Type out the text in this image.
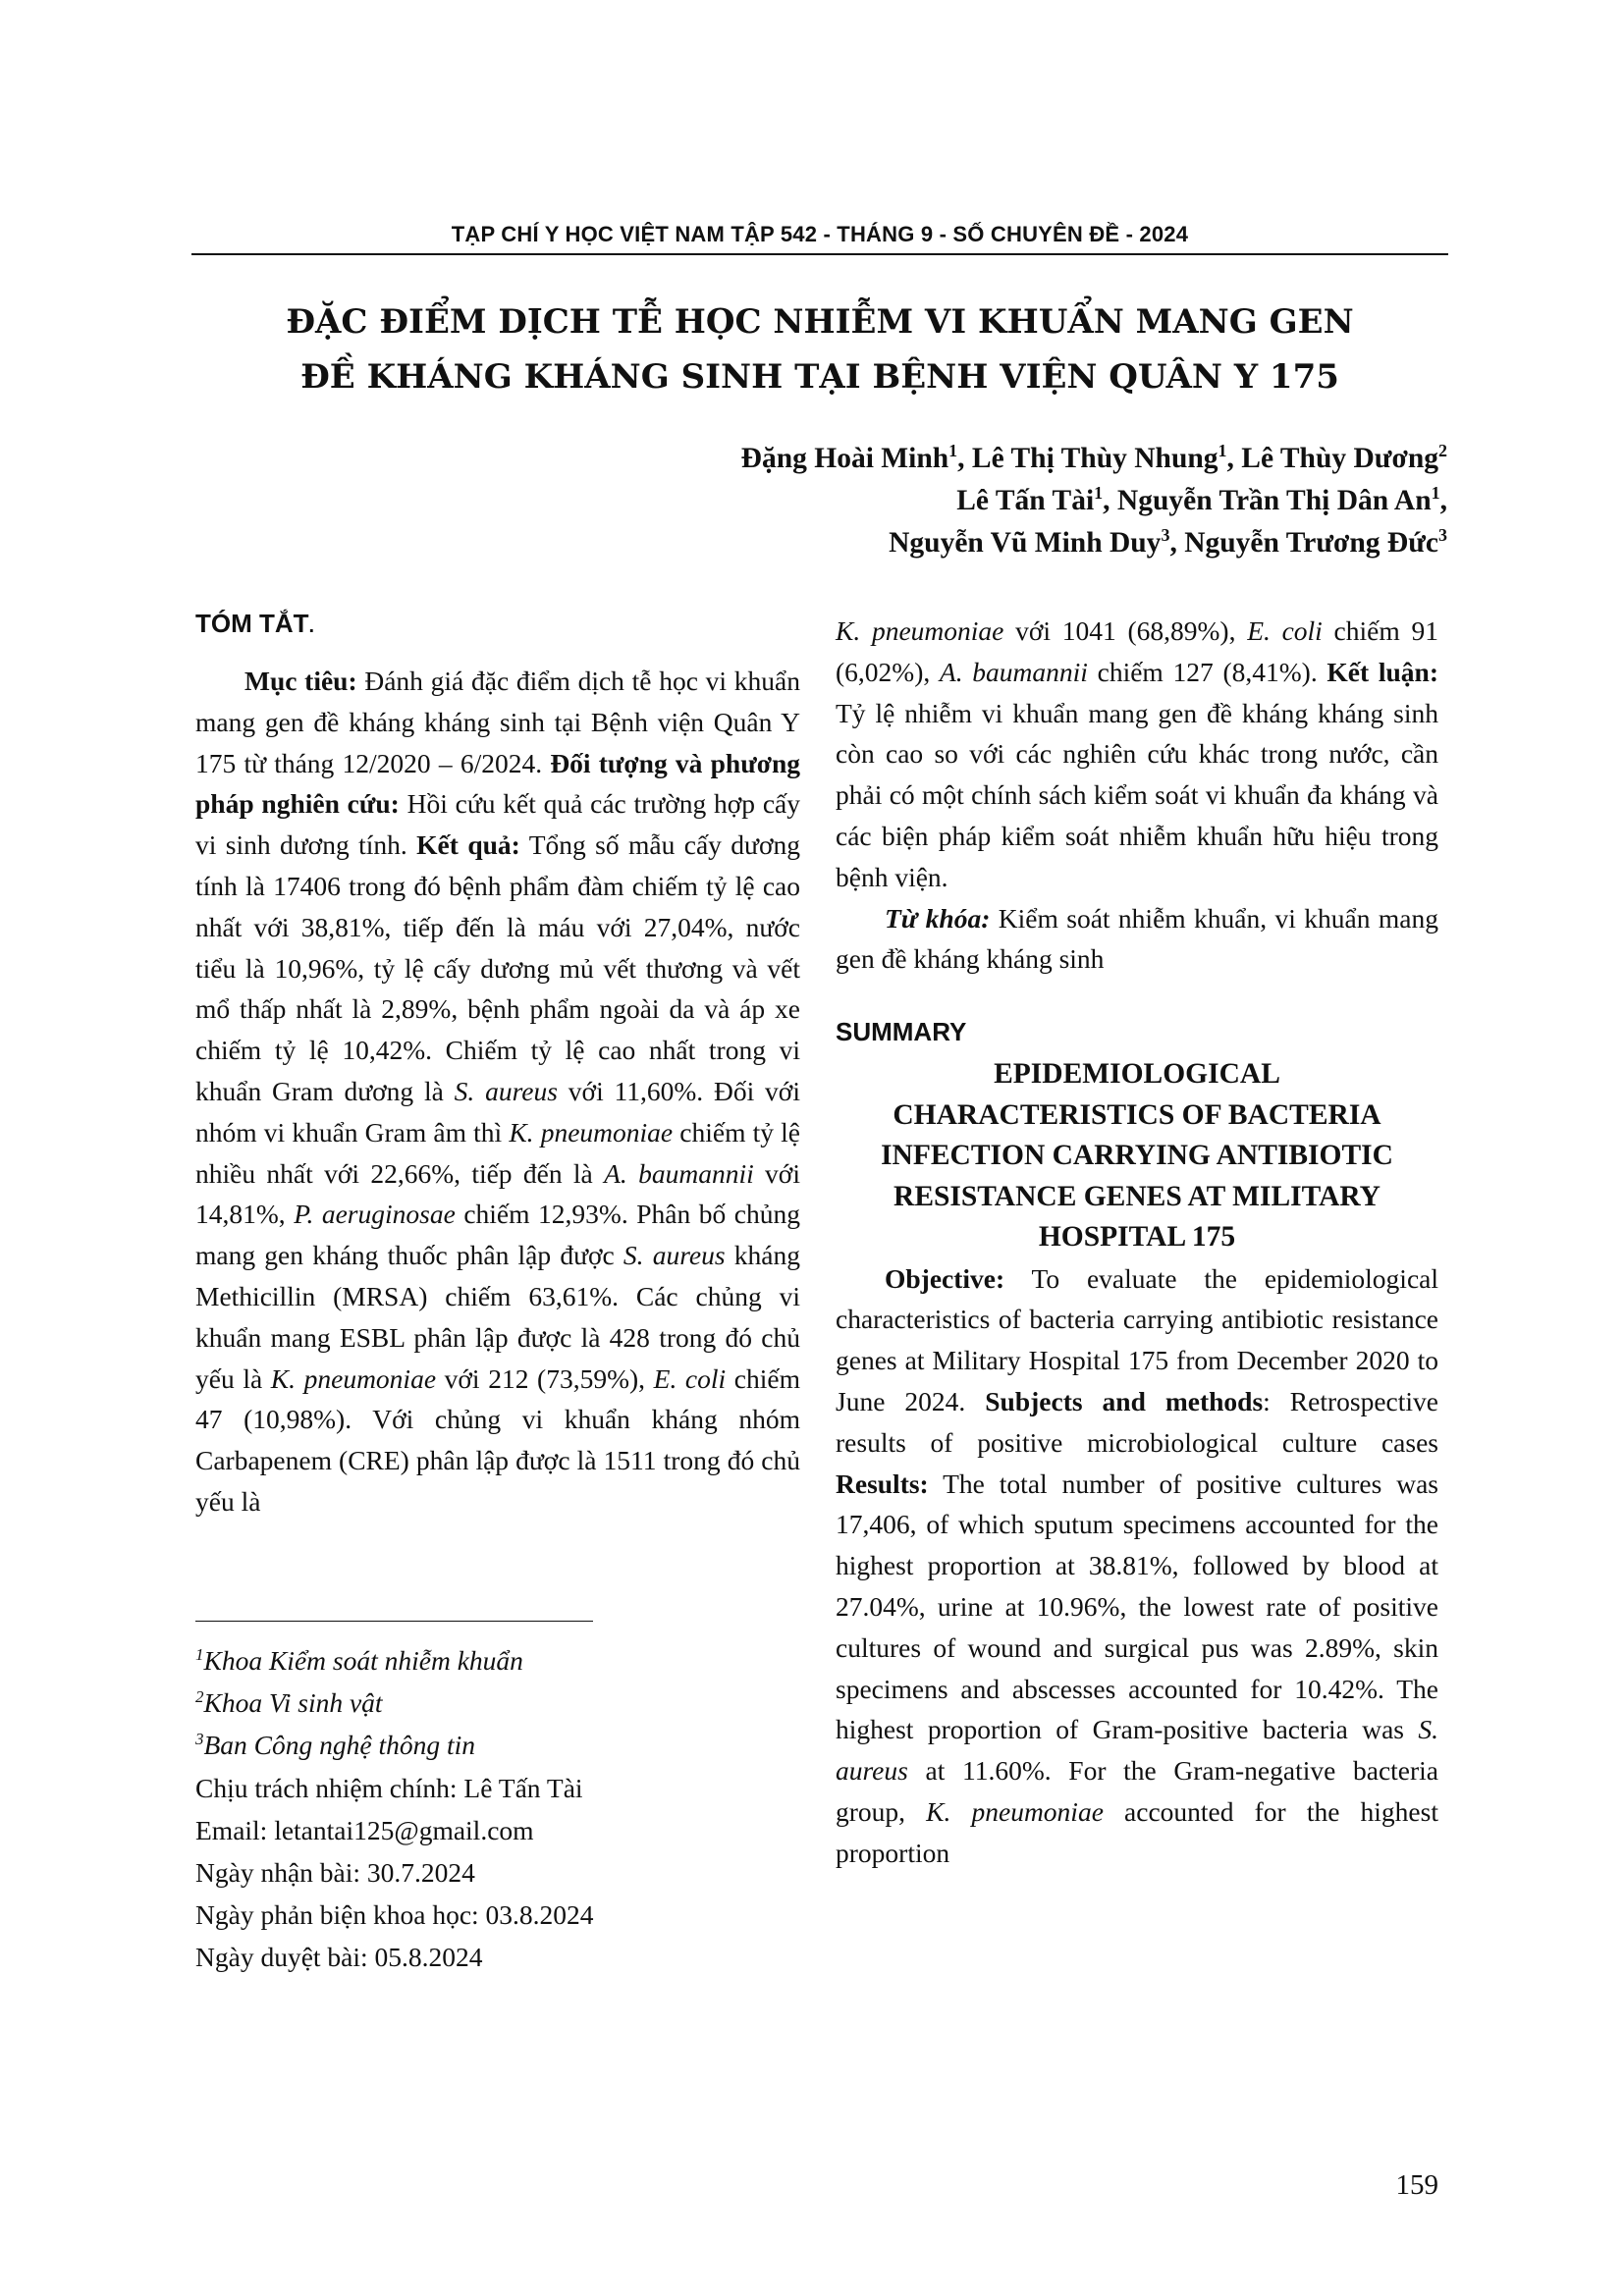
TẠP CHÍ Y HỌC VIỆT NAM TẬP 542 - THÁNG 9 - SỐ CHUYÊN ĐỀ - 2024
ĐẶC ĐIỂM DỊCH TỄ HỌC NHIỄM VI KHUẨN MANG GEN
ĐỀ KHÁNG KHÁNG SINH TẠI BỆNH VIỆN QUÂN Y 175
Đặng Hoài Minh$^1$, Lê Thị Thùy Nhung$^1$, Lê Thùy Dương$^2$
Lê Tấn Tài$^1$, Nguyễn Trần Thị Dân An$^1$,
Nguyễn Vũ Minh Duy$^3$, Nguyễn Trương Đức$^3$
TÓM TẮT.

Mục tiêu: Đánh giá đặc điểm dịch tễ học vi khuẩn mang gen đề kháng kháng sinh tại Bệnh viện Quân Y 175 từ tháng 12/2020 – 6/2024. Đối tượng và phương pháp nghiên cứu: Hồi cứu kết quả các trường hợp cấy vi sinh dương tính. Kết quả: Tổng số mẫu cấy dương tính là 17406 trong đó bệnh phẩm đàm chiếm tỷ lệ cao nhất với 38,81%, tiếp đến là máu với 27,04%, nước tiểu là 10,96%, tỷ lệ cấy dương mủ vết thương và vết mổ thấp nhất là 2,89%, bệnh phẩm ngoài da và áp xe chiếm tỷ lệ 10,42%. Chiếm tỷ lệ cao nhất trong vi khuẩn Gram dương là S. aureus với 11,60%. Đối với nhóm vi khuẩn Gram âm thì K. pneumoniae chiếm tỷ lệ nhiều nhất với 22,66%, tiếp đến là A. baumannii với 14,81%, P. aeruginosae chiếm 12,93%. Phân bố chủng mang gen kháng thuốc phân lập được S. aureus kháng Methicillin (MRSA) chiếm 63,61%. Các chủng vi khuẩn mang ESBL phân lập được là 428 trong đó chủ yếu là K. pneumoniae với 212 (73,59%), E. coli chiếm 47 (10,98%). Với chủng vi khuẩn kháng nhóm Carbapenem (CRE) phân lập được là 1511 trong đó chủ yếu là

$^1$Khoa Kiểm soát nhiễm khuẩn
$^2$Khoa Vi sinh vật
$^3$Ban Công nghệ thông tin
Chịu trách nhiệm chính: Lê Tấn Tài
Email: letantai125@gmail.com
Ngày nhận bài: 30.7.2024
Ngày phản biện khoa học: 03.8.2024
Ngày duyệt bài: 05.8.2024

K. pneumoniae với 1041 (68,89%), E. coli chiếm 91 (6,02%), A. baumannii chiếm 127 (8,41%). Kết luận: Tỷ lệ nhiễm vi khuẩn mang gen đề kháng kháng sinh còn cao so với các nghiên cứu khác trong nước, cần phải có một chính sách kiểm soát vi khuẩn đa kháng và các biện pháp kiểm soát nhiễm khuẩn hữu hiệu trong bệnh viện.

Từ khóa: Kiểm soát nhiễm khuẩn, vi khuẩn mang gen đề kháng kháng sinh

SUMMARY
EPIDEMIOLOGICAL
CHARACTERISTICS OF BACTERIA
INFECTION CARRYING ANTIBIOTIC
RESISTANCE GENES AT MILITARY
HOSPITAL 175

Objective: To evaluate the epidemiological characteristics of bacteria carrying antibiotic resistance genes at Military Hospital 175 from December 2020 to June 2024. Subjects and methods: Retrospective results of positive microbiological culture cases Results: The total number of positive cultures was 17,406, of which sputum specimens accounted for the highest proportion at 38.81%, followed by blood at 27.04%, urine at 10.96%, the lowest rate of positive cultures of wound and surgical pus was 2.89%, skin specimens and abscesses accounted for 10.42%. The highest proportion of Gram-positive bacteria was S. aureus at 11.60%. For the Gram-negative bacteria group, K. pneumoniae accounted for the highest proportion

159
